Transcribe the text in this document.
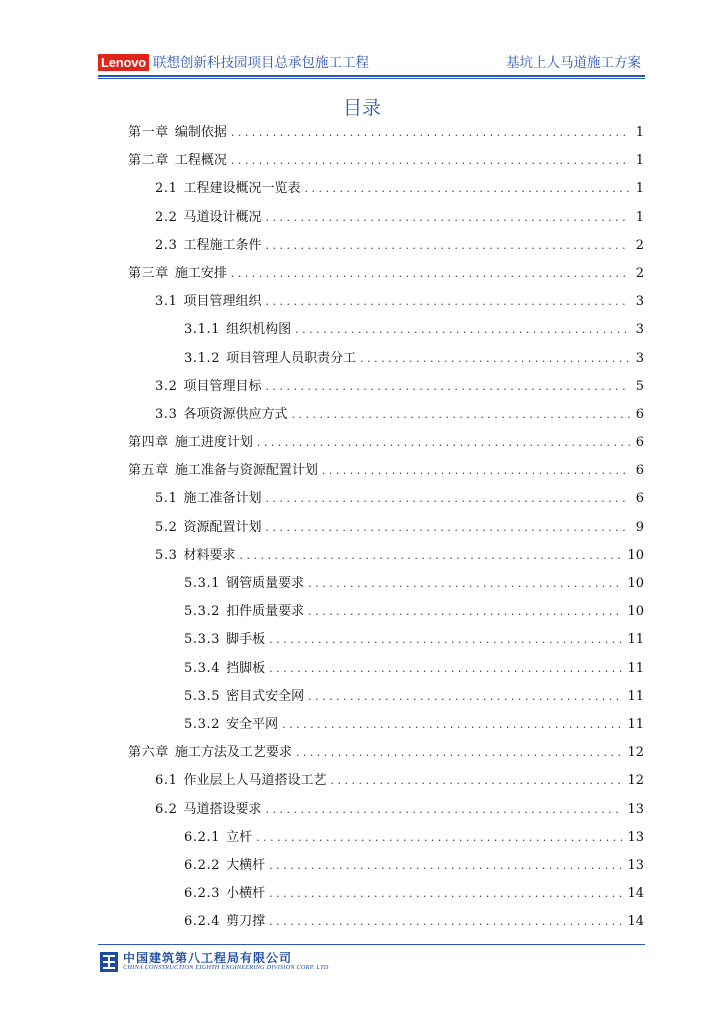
Lenovo 联想创新科技园项目总承包施工工程	基坑上人马道施工方案
目录
第一章 编制依据 . . .	1
第二章 工程概况 . . .	1
2.1 工程建设概况一览表 . . .	1
2.2 马道设计概况 . . .	1
2.3 工程施工条件 . . .	2
第三章 施工安排 . . .	2
3.1 项目管理组织 . . .	3
3.1.1 组织机构图 . . .	3
3.1.2 项目管理人员职责分工 . . .	3
3.2 项目管理目标 . . .	5
3.3 各项资源供应方式 . . .	6
第四章 施工进度计划 . . .	6
第五章 施工准备与资源配置计划 . . .	6
5.1 施工准备计划 . . .	6
5.2 资源配置计划 . . .	9
5.3 材料要求 . . .	10
5.3.1 钢管质量要求 . . .	10
5.3.2 扣件质量要求 . . .	10
5.3.3 脚手板 . . .	11
5.3.4 挡脚板 . . .	11
5.3.5 密目式安全网 . . .	11
5.3.2 安全平网 . . .	11
第六章 施工方法及工艺要求 . . .	12
6.1 作业层上人马道搭设工艺 . . .	12
6.2 马道搭设要求 . . .	13
6.2.1 立杆 . . .	13
6.2.2 大横杆 . . .	13
6.2.3 小横杆 . . .	14
6.2.4 剪刀撑 . . .	14
中国建筑第八工程局有限公司
CHINA CONSTRUCTION EIGHTH ENGINEERING DIVISION CORP. LTD
